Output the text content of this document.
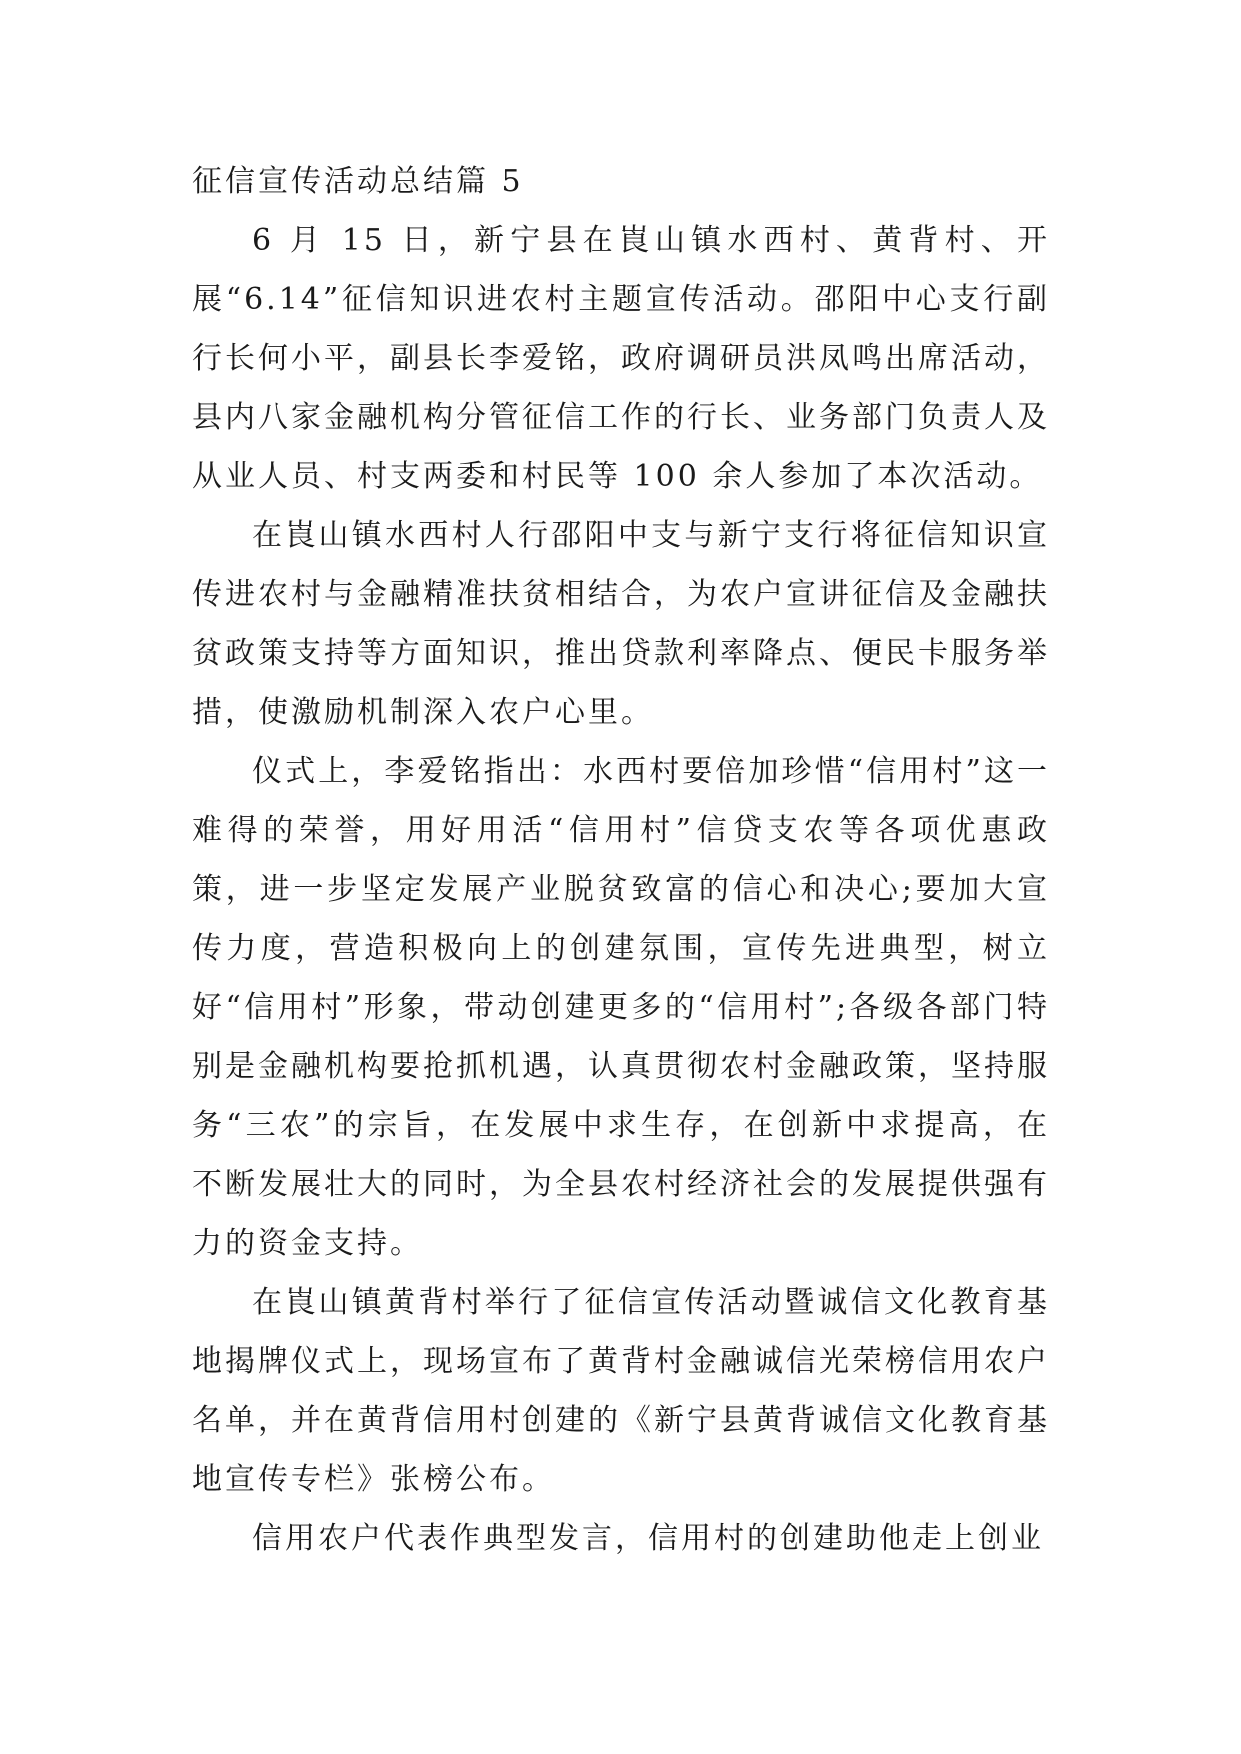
征信宣传活动总结篇 5

6 月 15 日，新宁县在崀山镇水西村、黄背村、开展“6.14”征信知识进农村主题宣传活动。邵阳中心支行副行长何小平，副县长李爱铭，政府调研员洪凤鸣出席活动，县内八家金融机构分管征信工作的行长、业务部门负责人及从业人员、村支两委和村民等 100 余人参加了本次活动。

在崀山镇水西村人行邵阳中支与新宁支行将征信知识宣传进农村与金融精准扶贫相结合，为农户宣讲征信及金融扶贫政策支持等方面知识，推出贷款利率降点、便民卡服务举措，使激励机制深入农户心里。

仪式上，李爱铭指出：水西村要倍加珍惜“信用村”这一难得的荣誉，用好用活“信用村”信贷支农等各项优惠政策，进一步坚定发展产业脱贫致富的信心和决心;要加大宣传力度，营造积极向上的创建氛围，宣传先进典型，树立好“信用村”形象，带动创建更多的“信用村”;各级各部门特别是金融机构要抢抓机遇，认真贯彻农村金融政策，坚持服务“三农”的宗旨，在发展中求生存，在创新中求提高，在不断发展壮大的同时，为全县农村经济社会的发展提供强有力的资金支持。

在崀山镇黄背村举行了征信宣传活动暨诚信文化教育基地揭牌仪式上，现场宣布了黄背村金融诚信光荣榜信用农户名单，并在黄背信用村创建的《新宁县黄背诚信文化教育基地宣传专栏》张榜公布。

信用农户代表作典型发言，信用村的创建助他走上创业
